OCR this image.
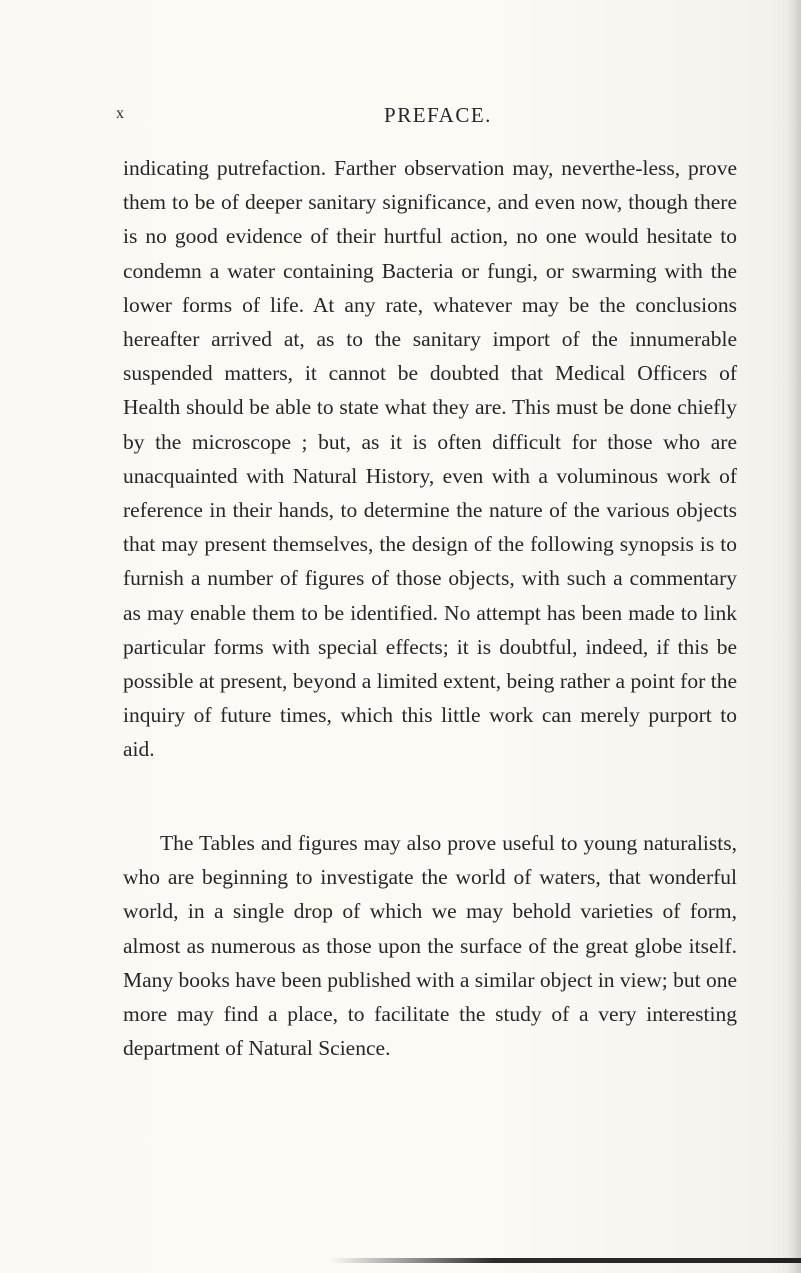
x	PREFACE.

indicating putrefaction. Farther observation may, neverthe-less, prove them to be of deeper sanitary significance, and even now, though there is no good evidence of their hurtful action, no one would hesitate to condemn a water containing Bacteria or fungi, or swarming with the lower forms of life. At any rate, whatever may be the conclusions hereafter arrived at, as to the sanitary import of the innumerable suspended matters, it cannot be doubted that Medical Officers of Health should be able to state what they are. This must be done chiefly by the microscope ; but, as it is often difficult for those who are unacquainted with Natural History, even with a voluminous work of reference in their hands, to determine the nature of the various objects that may present themselves, the design of the following synopsis is to furnish a number of figures of those objects, with such a commentary as may enable them to be identified. No attempt has been made to link particular forms with special effects; it is doubtful, indeed, if this be possible at present, beyond a limited extent, being rather a point for the inquiry of future times, which this little work can merely purport to aid.

The Tables and figures may also prove useful to young naturalists, who are beginning to investigate the world of waters, that wonderful world, in a single drop of which we may behold varieties of form, almost as numerous as those upon the surface of the great globe itself. Many books have been published with a similar object in view; but one more may find a place, to facilitate the study of a very interesting department of Natural Science.
